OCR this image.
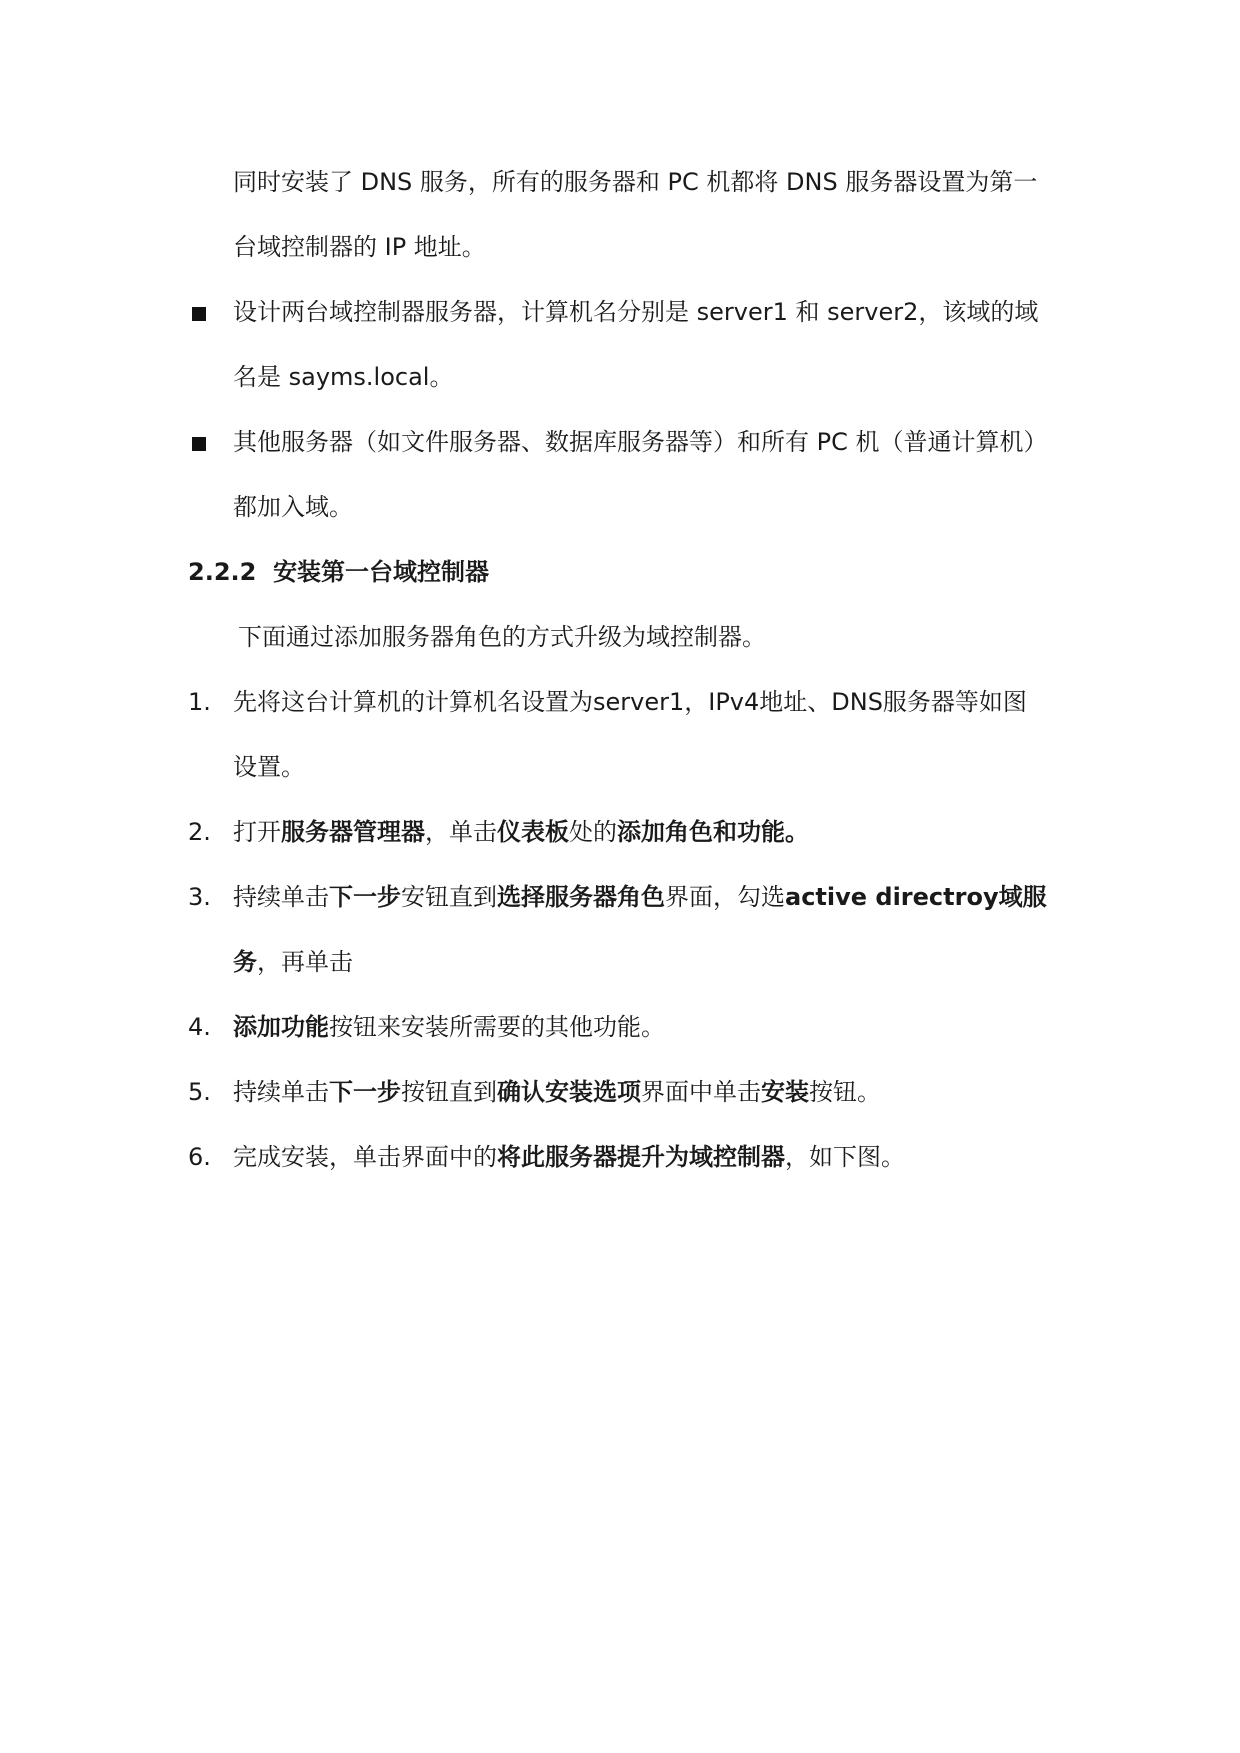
同时安装了 DNS 服务，所有的服务器和 PC 机都将 DNS 服务器设置为第一
台域控制器的 IP 地址。
设计两台域控制器服务器，计算机名分别是 server1 和 server2，该域的域
名是 sayms.local。
其他服务器（如文件服务器、数据库服务器等）和所有 PC 机（普通计算机）
都加入域。
2.2.2 安装第一台域控制器
下面通过添加服务器角色的方式升级为域控制器。
1. 先将这台计算机的计算机名设置为server1，IPv4地址、DNS服务器等如图
设置。
2. 打开服务器管理器，单击仪表板处的添加角色和功能。
3. 持续单击下一步安钮直到选择服务器角色界面，勾选active directroy域服
务，再单击
4. 添加功能按钮来安装所需要的其他功能。
5. 持续单击下一步按钮直到确认安装选项界面中单击安装按钮。
6. 完成安装，单击界面中的将此服务器提升为域控制器，如下图。
